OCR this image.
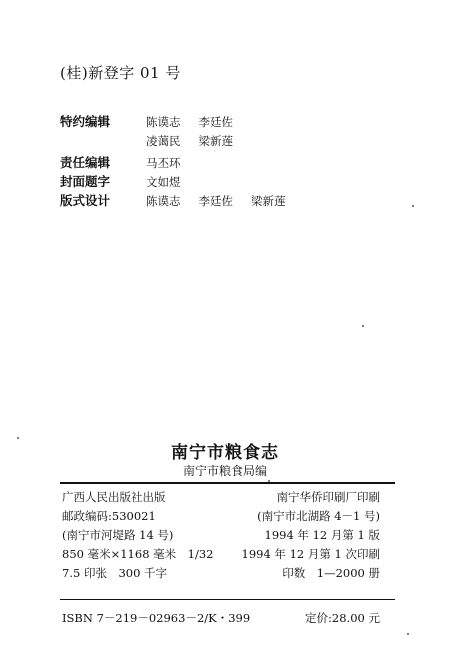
(桂)新登字 01 号
特约编辑	陈谟志 李廷佐
凌蔼民 梁新莲
责任编辑	马丕环
封面题字	文如煜
版式设计	陈谟志 李廷佐 梁新莲
南宁市粮食志
南宁市粮食局编
广西人民出版社出版	南宁华侨印刷厂印刷
邮政编码:530021	(南宁市北湖路 4－1 号)
(南宁市河堤路 14 号)	1994 年 12 月第 1 版
850 毫米×1168 毫米　1/32 1994 年 12 月第 1 次印刷
7.5 印张　300 千字	印数　1—2000 册
ISBN 7－219－02963－2/K・399	定价:28.00 元
